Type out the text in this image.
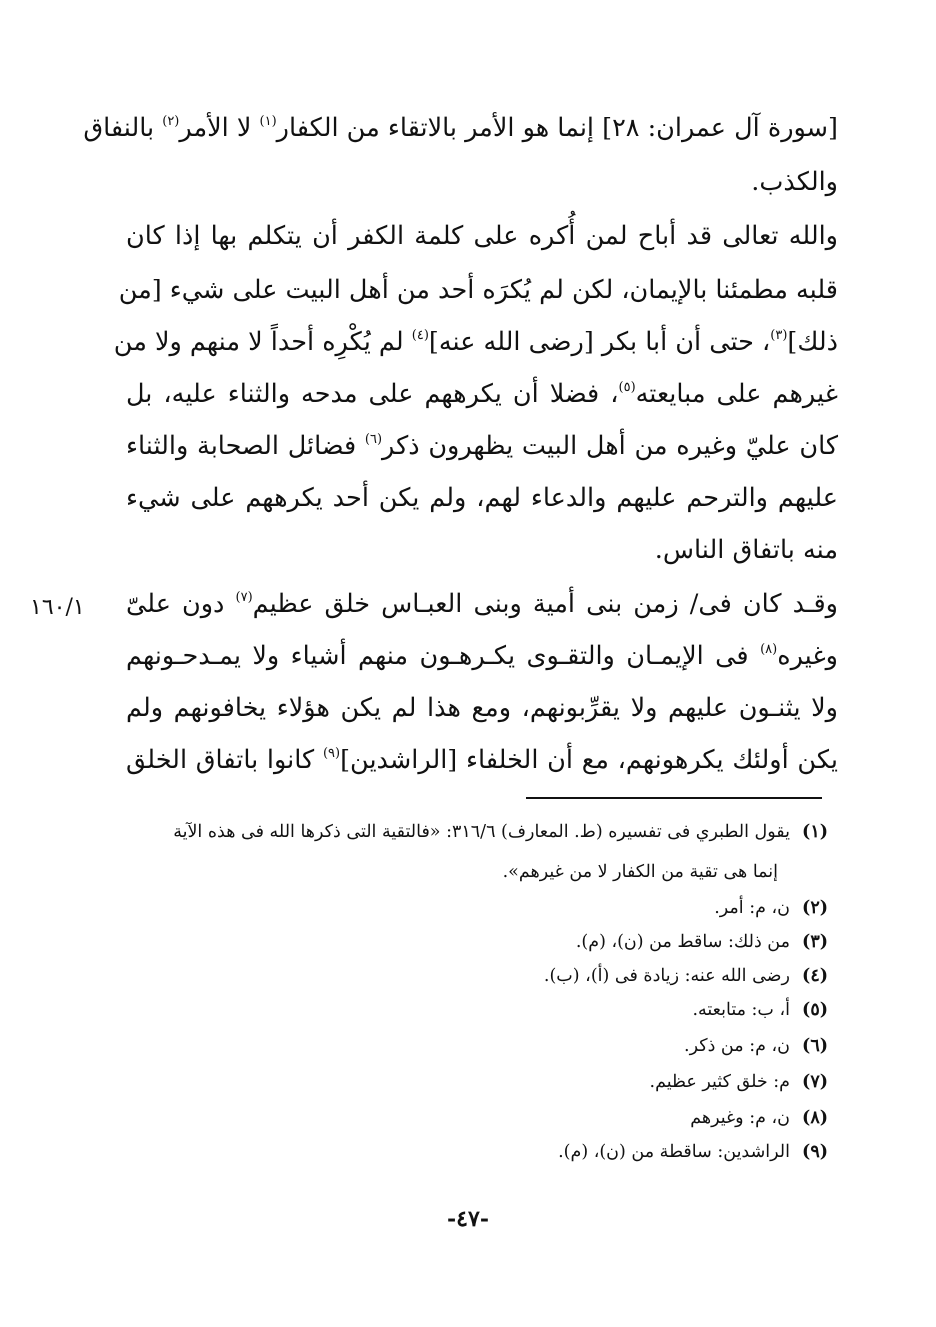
[سورة آل عمران: ٢٨] إنما هو الأمر بالاتقاء من الكفار$^{(١)}$ لا الأمر$^{(٢)}$ بالنفاق
والكذب.
والله تعالى قد أباح لمن أُكره على كلمة الكفر أن يتكلم بها إذا كان
قلبه مطمئنا بالإيمان، لكن لم يُكرَه أحد من أهل البيت على شيء [من
ذلك]$^{(٣)}$، حتى أن أبا بكر [رضى الله عنه]$^{(٤)}$ لم يُكْرِه أحداً لا منهم ولا من
غيرهم على مبايعته$^{(٥)}$، فضلا أن يكرههم على مدحه والثناء عليه، بل
كان عليّ وغيره من أهل البيت يظهرون ذكر$^{(٦)}$ فضائل الصحابة والثناء
عليهم والترحم عليهم والدعاء لهم، ولم يكن أحد يكرههم على شيء
منه باتفاق الناس.
وقـد كان فى/ زمن بنى أمية وبنى العبـاس خلق عظيم$^{(٧)}$ دون علىّ
وغيره$^{(٨)}$ فى الإيمـان والتقـوى يكـرهـون منهم أشياء ولا يمـدحـونهم
ولا يثنـون عليهم ولا يقرِّبونهم، ومع هذا لم يكن هؤلاء يخافونهم ولم
يكن أولئك يكرهونهم، مع أن الخلفاء [الراشدين]$^{(٩)}$ كانوا باتفاق الخلق
١٦٠/١
(١)يقول الطبري فى تفسيره (ط. المعارف) ٣١٦/٦: «فالتقية التى ذكرها الله فى هذه الآية
إنما هى تقية من الكفار لا من غيرهم».
(٢)ن، م: أمر.
(٣)من ذلك: ساقط من (ن)، (م).
(٤)رضى الله عنه: زيادة فى (أ)، (ب).
(٥)أ، ب: متابعته.
(٦)ن، م: من ذكر.
(٧)م: خلق كثير عظيم.
(٨)ن، م: وغيرهم
(٩)الراشدين: ساقطة من (ن)، (م).
-٤٧-
